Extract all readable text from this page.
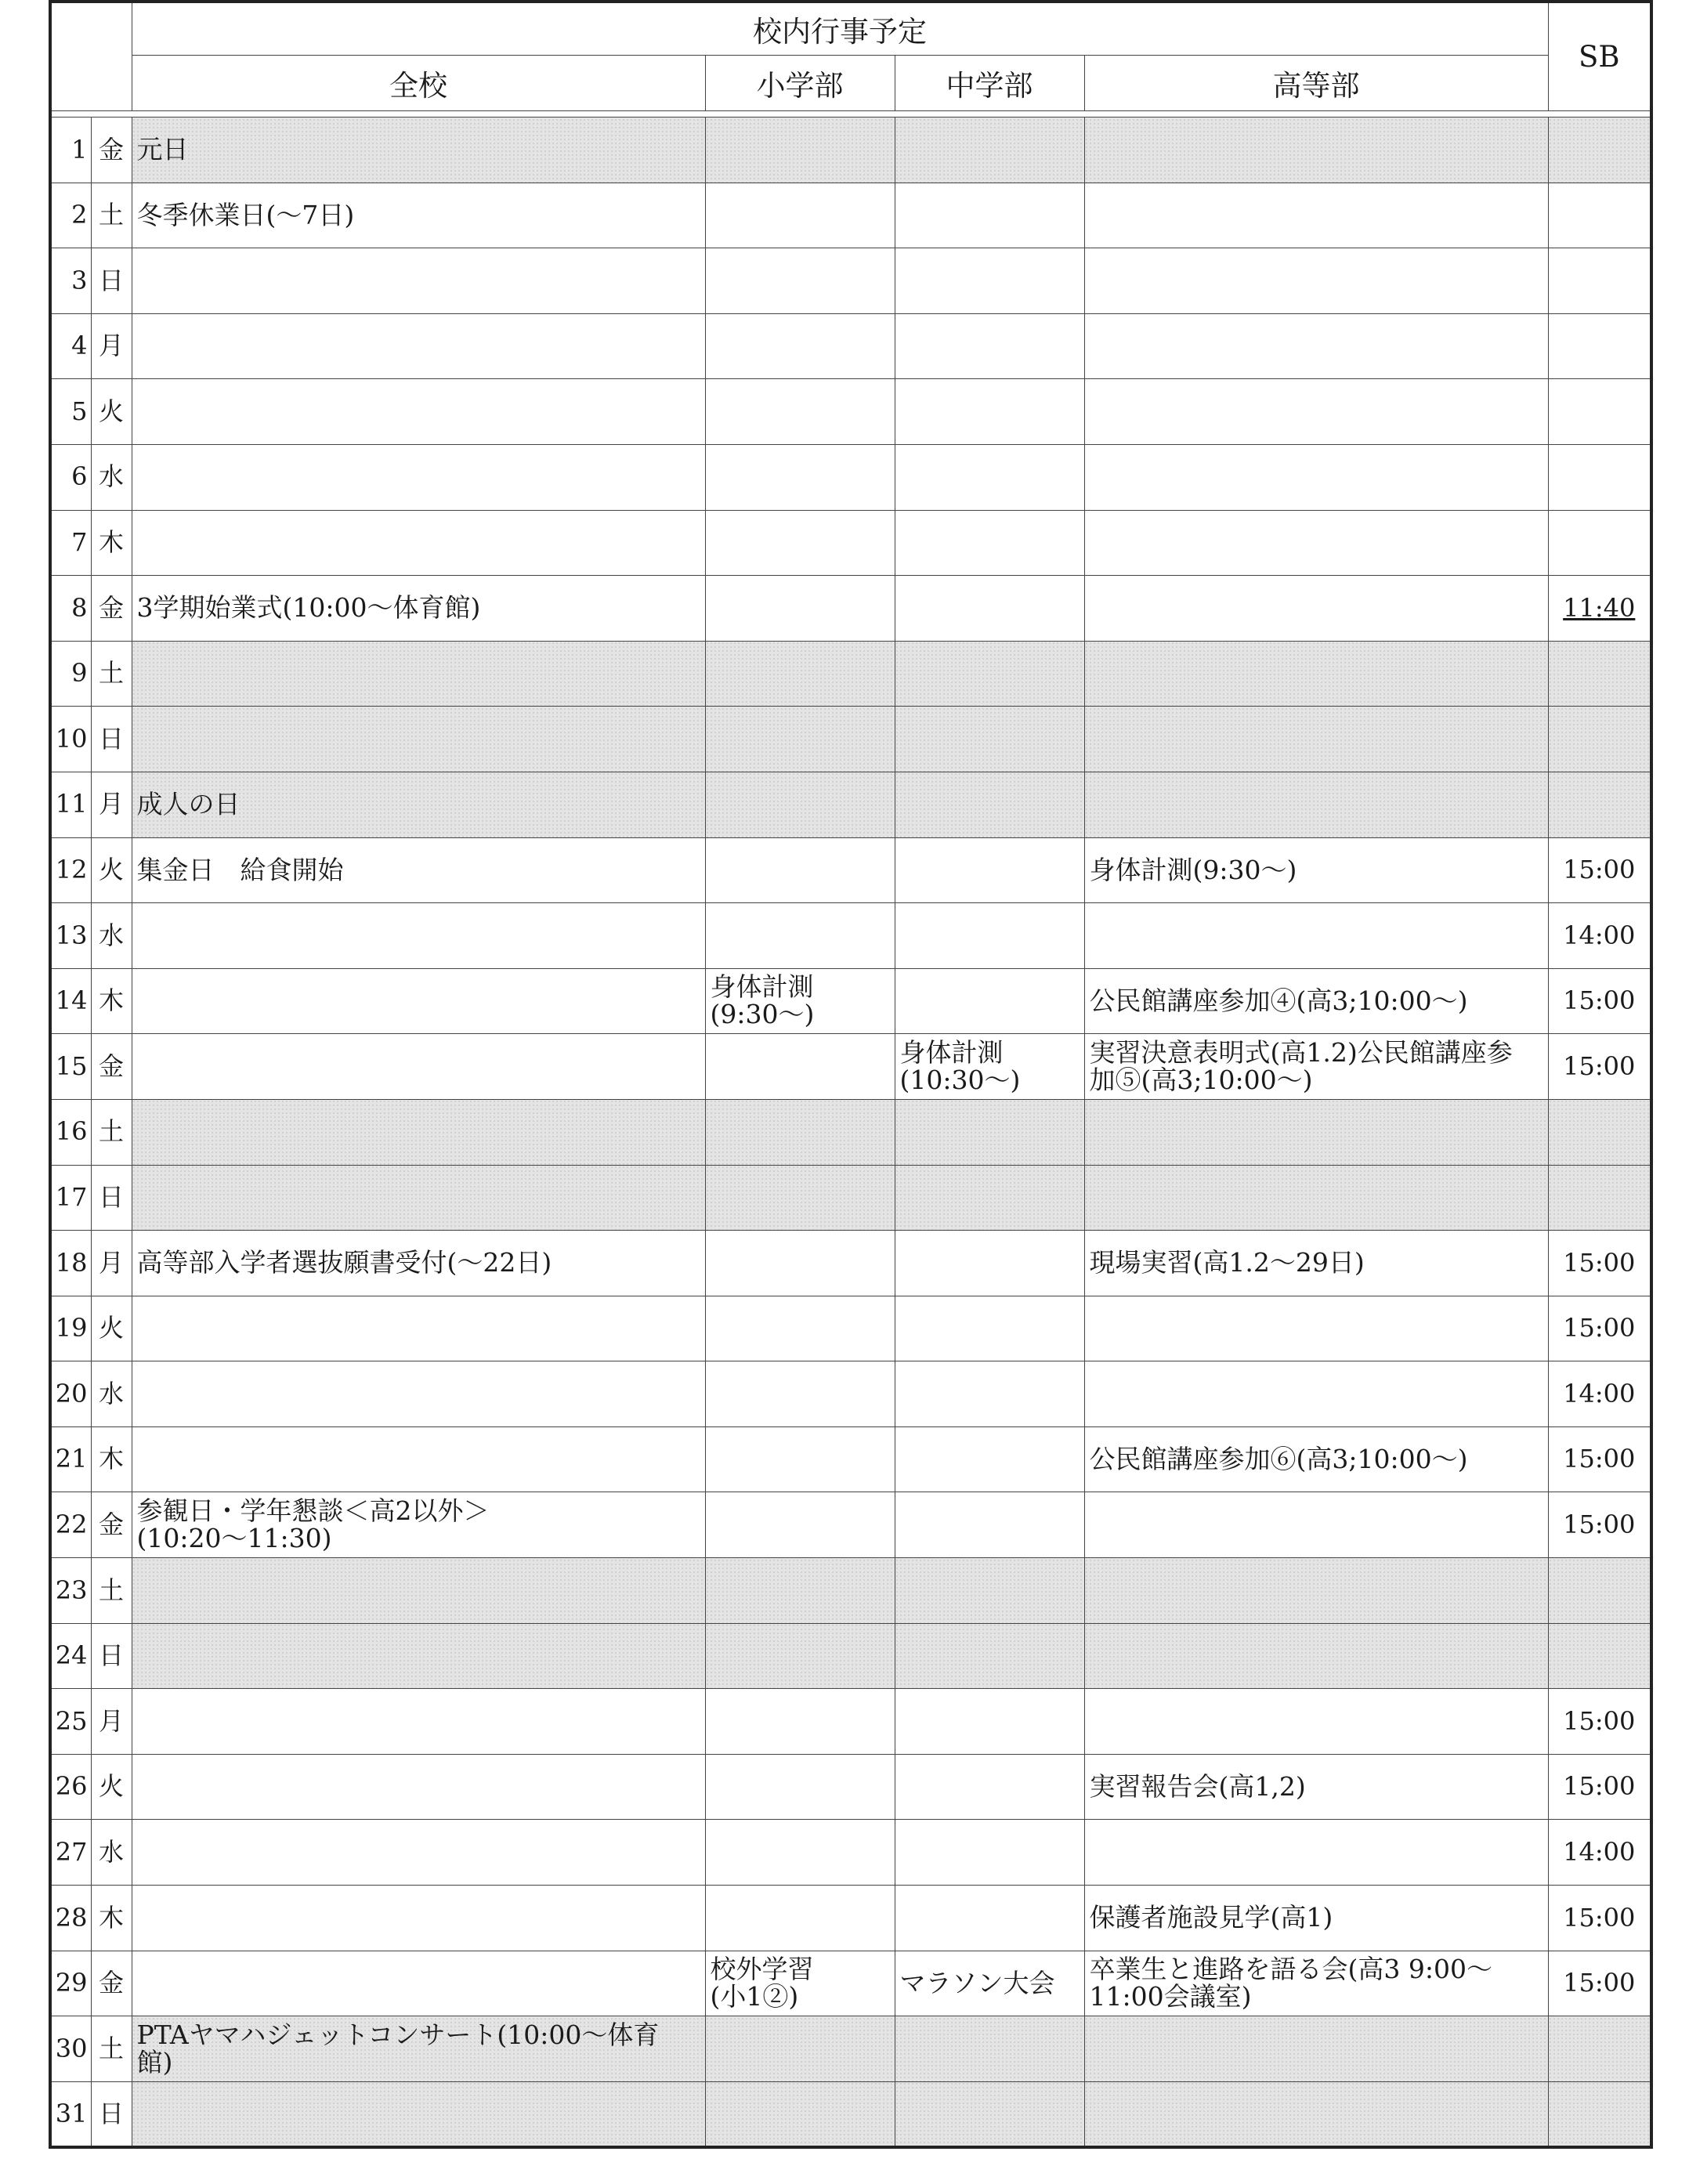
		校内行事予定				SB
		全校	小学部	中学部	高等部	

1	金	元日				
2	土	冬季休業日(〜7日)				
3	日					
4	月					
5	火					
6	水					
7	木					
8	金	3学期始業式(10:00〜体育館)				11:40
9	土					
10	日					
11	月	成人の日				
12	火	集金日　給食開始			身体計測(9:30〜)	15:00
13	水					14:00
14	木		身体計測
(9:30〜)		公民館講座参加④(高3;10:00〜)	15:00
15	金			身体計測
(10:30〜)	実習決意表明式(高1.2)公民館講座参
加⑤(高3;10:00〜)	15:00
16	土					
17	日					
18	月	高等部入学者選抜願書受付(〜22日)			現場実習(高1.2〜29日)	15:00
19	火					15:00
20	水					14:00
21	木				公民館講座参加⑥(高3;10:00〜)	15:00
22	金	参観日・学年懇談＜高2以外＞
(10:20〜11:30)				15:00
23	土					
24	日					
25	月					15:00
26	火				実習報告会(高1,2)	15:00
27	水					14:00
28	木				保護者施設見学(高1)	15:00
29	金		校外学習
(小1②)	マラソン大会	卒業生と進路を語る会(高3 9:00〜
11:00会議室)	15:00
30	土	PTAヤマハジェットコンサート(10:00〜体育
館)				
31	日					
